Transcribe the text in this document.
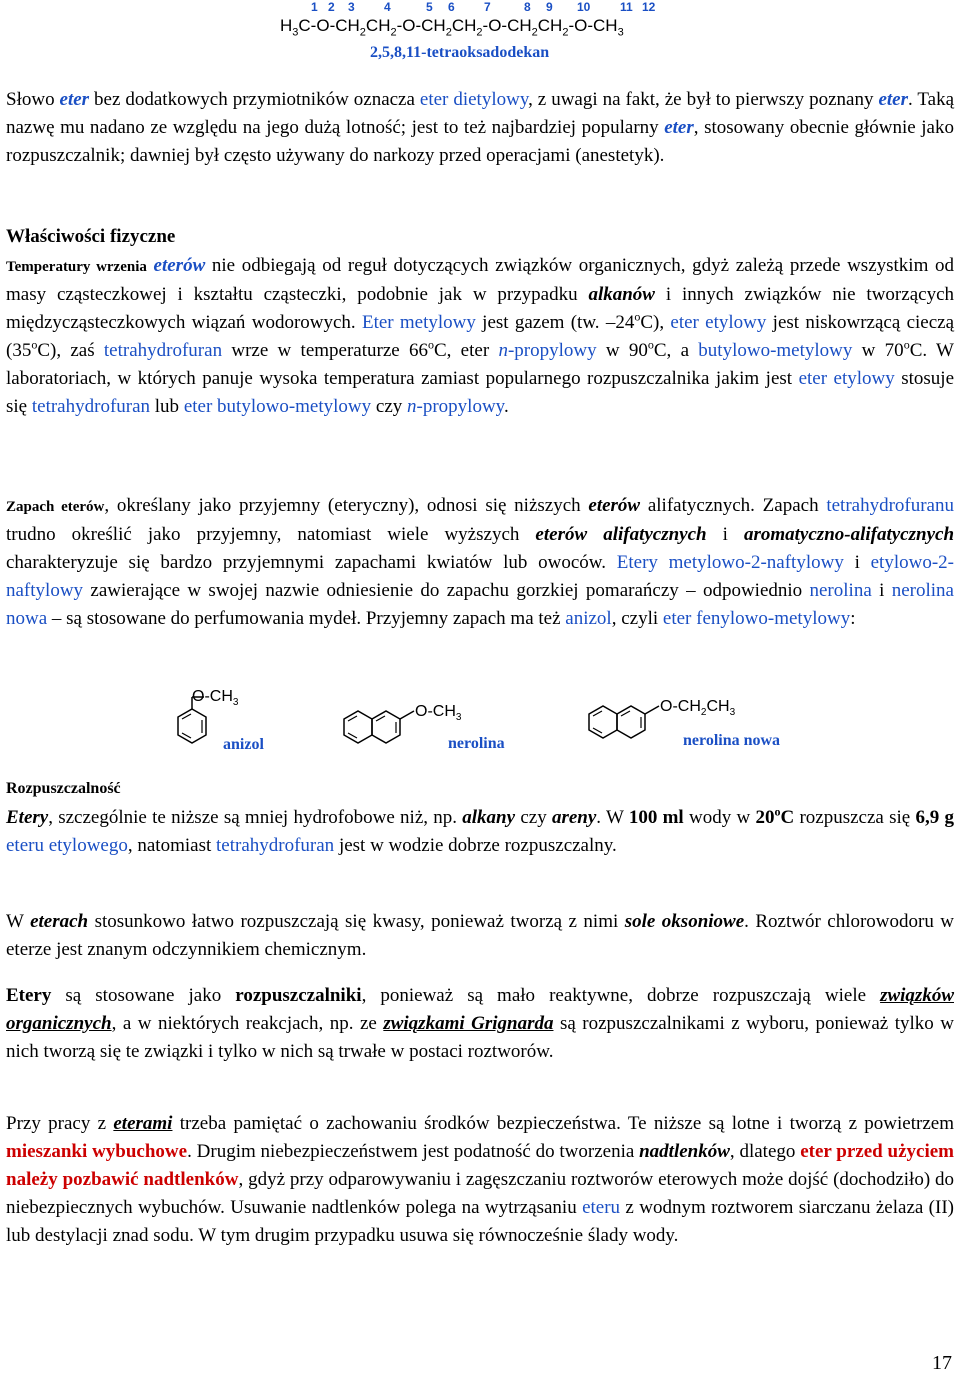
1 2 3 4	5 6 7	8 9 10 11 12
$H_3C-O-CH_2CH_2-O-CH_2CH_2-O-CH_2CH_2-O-CH_3$
2,5,8,11-tetraoksadodekan

Słowo eter bez dodatkowych przymiotników oznacza eter dietylowy, z uwagi na fakt, że był to pierwszy poznany eter. Taką nazwę mu nadano ze względu na jego dużą lotność; jest to też najbardziej popularny eter, stosowany obecnie głównie jako rozpuszczalnik; dawniej był często używany do narkozy przed operacjami (anestetyk).

Właściwości fizyczne

Temperatury wrzenia eterów nie odbiegają od reguł dotyczących związków organicznych, gdyż zależą przede wszystkim od masy cząsteczkowej i kształtu cząsteczki, podobnie jak w przypadku alkanów i innych związków nie tworzących międzycząsteczkowych wiązań wodorowych. Eter metylowy jest gazem (tw. –24$^o$C), eter etylowy jest niskowrzącą cieczą (35$^o$C), zaś tetrahydrofuran wrze w temperaturze 66$^o$C, eter n-propylowy w 90$^o$C, a butylowo-metylowy w 70$^o$C. W laboratoriach, w których panuje wysoka temperatura zamiast popularnego rozpuszczalnika jakim jest eter etylowy stosuje się tetrahydrofuran lub eter butylowo-metylowy czy n-propylowy.

Zapach eterów, określany jako przyjemny (eteryczny), odnosi się niższych eterów alifatycznych. Zapach tetrahydrofuranu trudno określić jako przyjemny, natomiast wiele wyższych eterów alifatycznych i aromatyczno-alifatycznych charakteryzuje się bardzo przyjemnymi zapachami kwiatów lub owoców. Etery metylowo-2-naftylowy i etylowo-2-naftylowy zawierające w swojej nazwie odniesienie do zapachu gorzkiej pomarańczy – odpowiednio nerolina i nerolina nowa – są stosowane do perfumowania mydeł. Przyjemny zapach ma też anizol, czyli eter fenylowo-metylowy:

$O-CH_3$
anizol
$O-CH_3$
nerolina
$O-CH_2CH_3$
nerolina nowa

Rozpuszczalność

Etery, szczególnie te niższe są mniej hydrofobowe niż, np. alkany czy areny. W 100 ml wody w 20$^o$C rozpuszcza się 6,9 g eteru etylowego, natomiast tetrahydrofuran jest w wodzie dobrze rozpuszczalny.

W eterach stosunkowo łatwo rozpuszczają się kwasy, ponieważ tworzą z nimi sole oksoniowe. Roztwór chlorowodoru w eterze jest znanym odczynnikiem chemicznym.

Etery są stosowane jako rozpuszczalniki, ponieważ są mało reaktywne, dobrze rozpuszczają wiele związków organicznych, a w niektórych reakcjach, np. ze związkami Grignarda są rozpuszczalnikami z wyboru, ponieważ tylko w nich tworzą się te związki i tylko w nich są trwałe w postaci roztworów.

Przy pracy z eterami trzeba pamiętać o zachowaniu środków bezpieczeństwa. Te niższe są lotne i tworzą z powietrzem mieszanki wybuchowe. Drugim niebezpieczeństwem jest podatność do tworzenia nadtlenków, dlatego eter przed użyciem należy pozbawić nadtlenków, gdyż przy odparowywaniu i zagęszczaniu roztworów eterowych może dojść (dochodziło) do niebezpiecznych wybuchów. Usuwanie nadtlenków polega na wytrząsaniu eteru z wodnym roztworem siarczanu żelaza (II) lub destylacji znad sodu. W tym drugim przypadku usuwa się równocześnie ślady wody.

17
